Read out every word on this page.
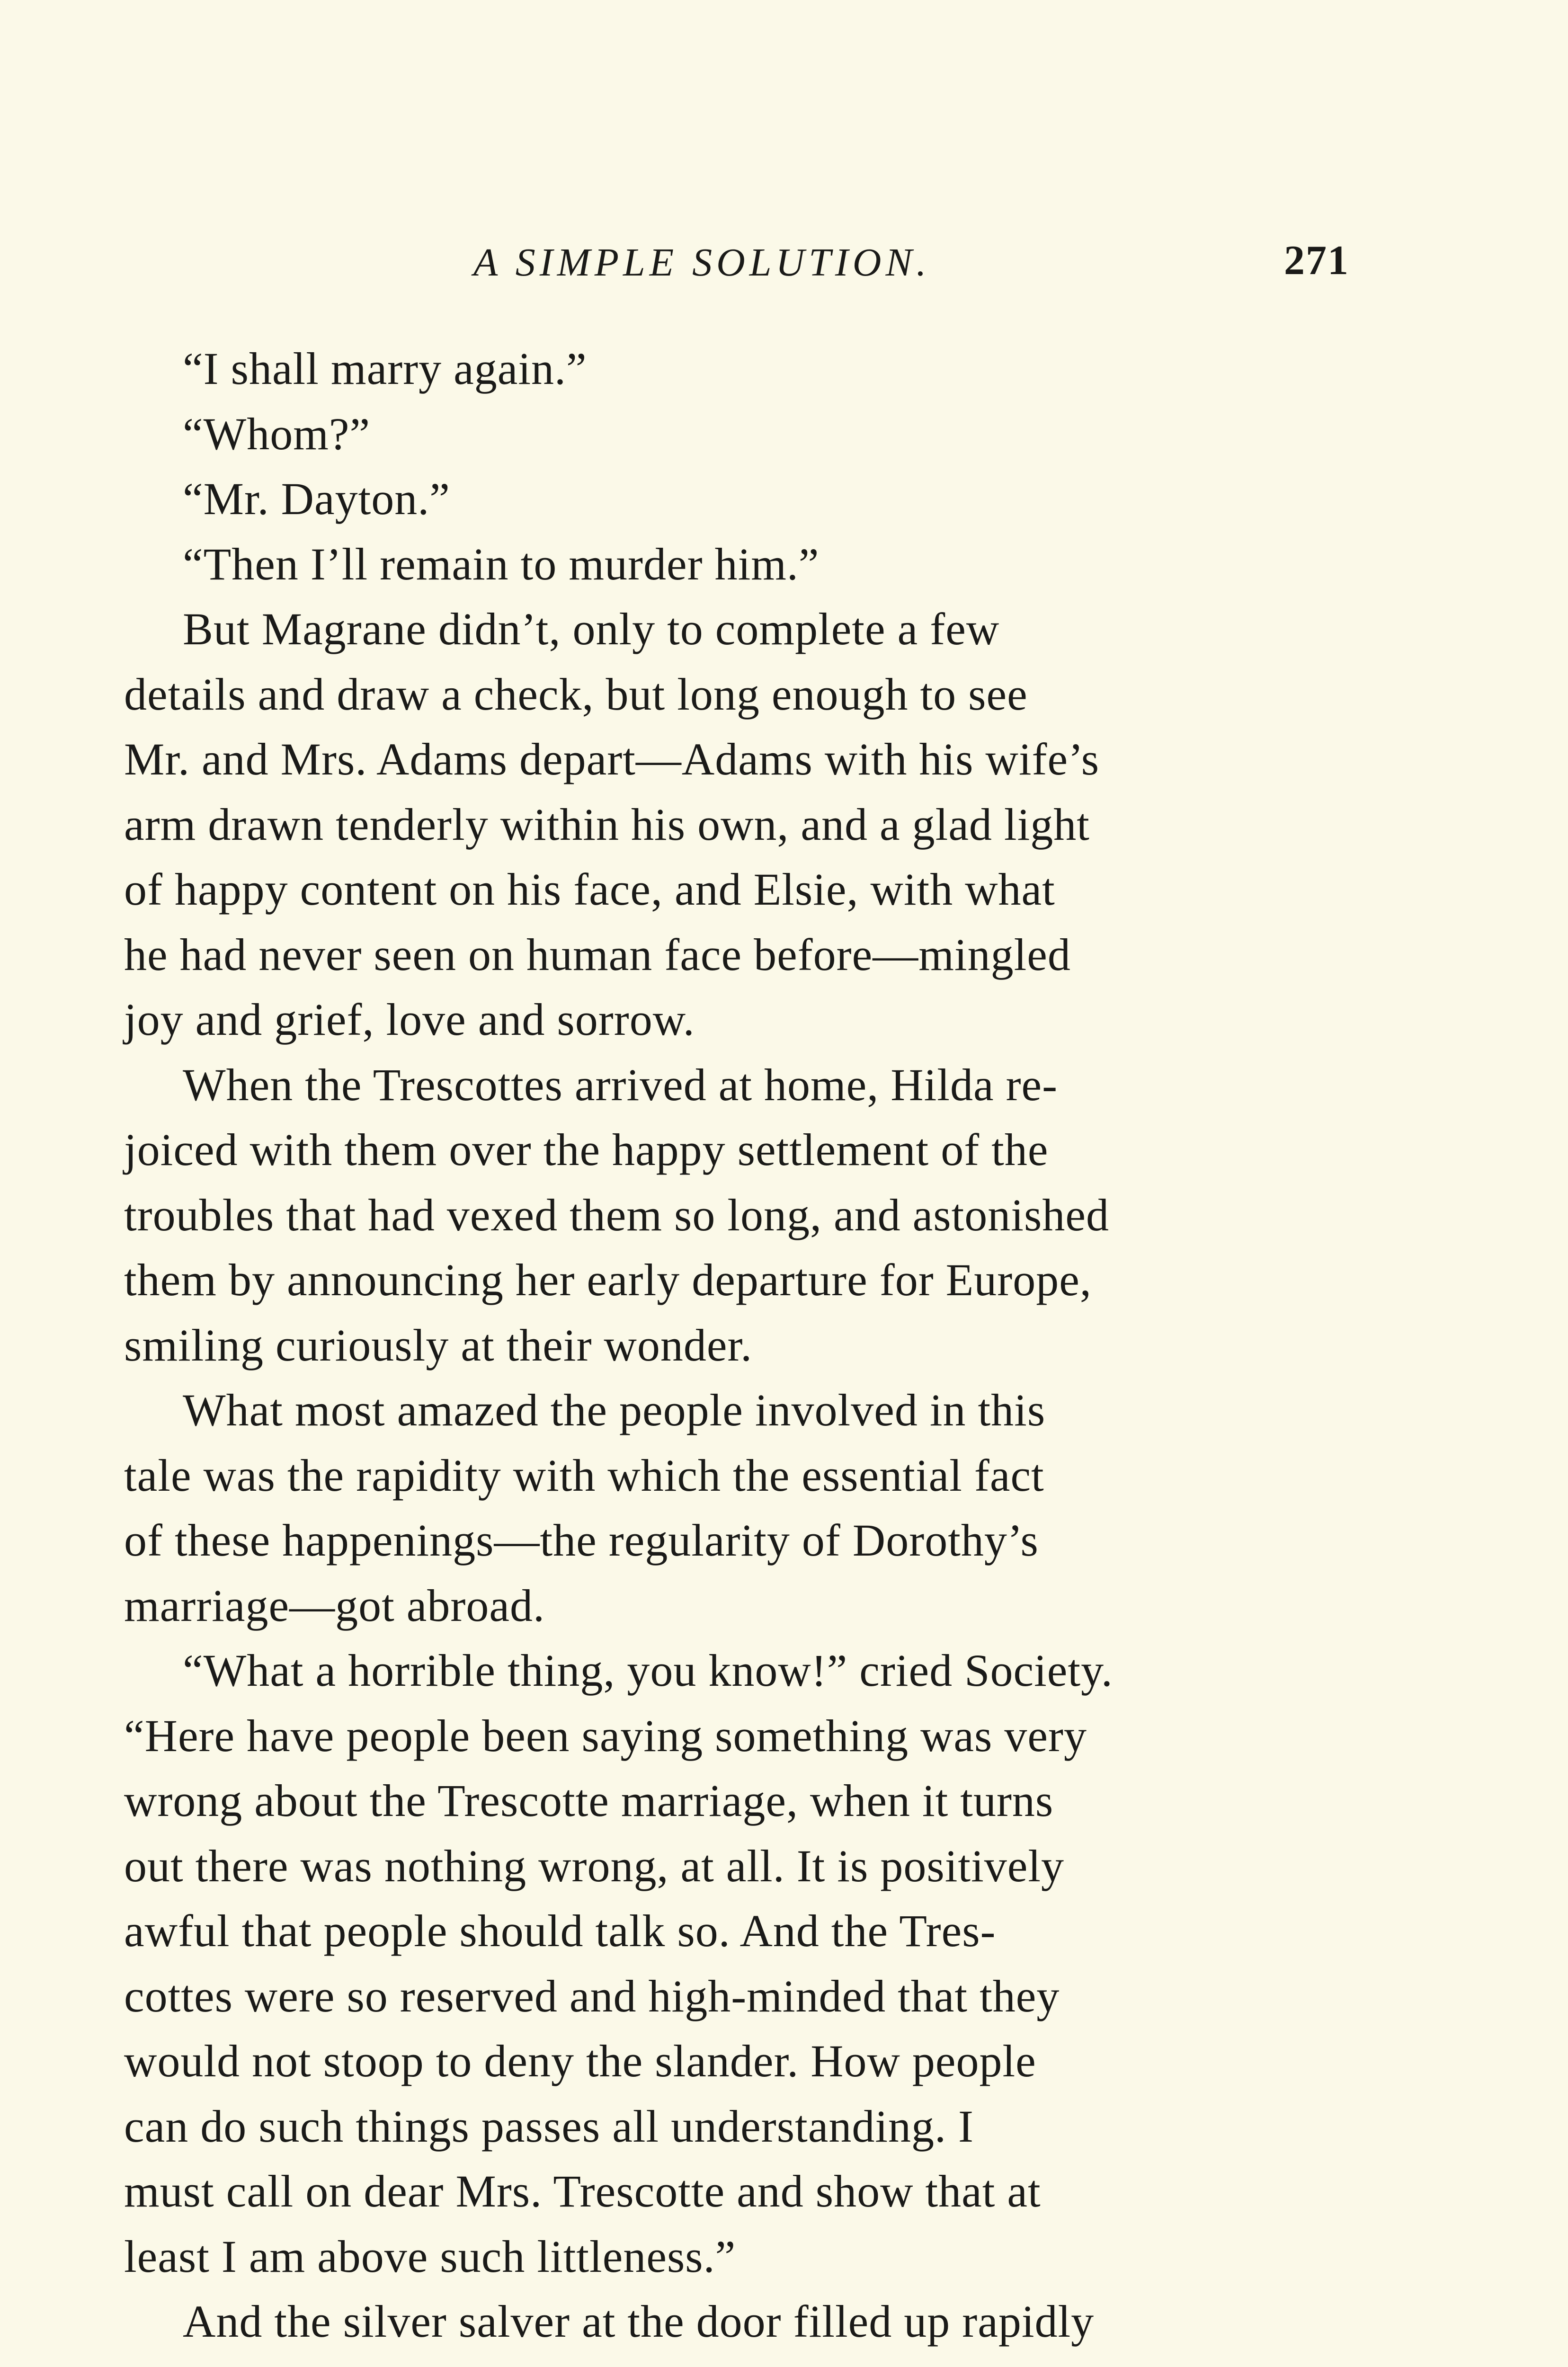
A SIMPLE SOLUTION.	271
“I shall marry again.”
“Whom?”
“Mr. Dayton.”
“Then I’ll remain to murder him.”
But Magrane didn’t, only to complete a few
details and draw a check, but long enough to see
Mr. and Mrs. Adams depart—Adams with his wife’s
arm drawn tenderly within his own, and a glad light
of happy content on his face, and Elsie, with what
he had never seen on human face before—mingled
joy and grief, love and sorrow.
When the Trescottes arrived at home, Hilda re-
joiced with them over the happy settlement of the
troubles that had vexed them so long, and astonished
them by announcing her early departure for Europe,
smiling curiously at their wonder.
What most amazed the people involved in this
tale was the rapidity with which the essential fact
of these happenings—the regularity of Dorothy’s
marriage—got abroad.
“What a horrible thing, you know!” cried Society.
“Here have people been saying something was very
wrong about the Trescotte marriage, when it turns
out there was nothing wrong, at all. It is positively
awful that people should talk so. And the Tres-
cottes were so reserved and high-minded that they
would not stoop to deny the slander. How people
can do such things passes all understanding. I
must call on dear Mrs. Trescotte and show that at
least I am above such littleness.”
And the silver salver at the door filled up rapidly
